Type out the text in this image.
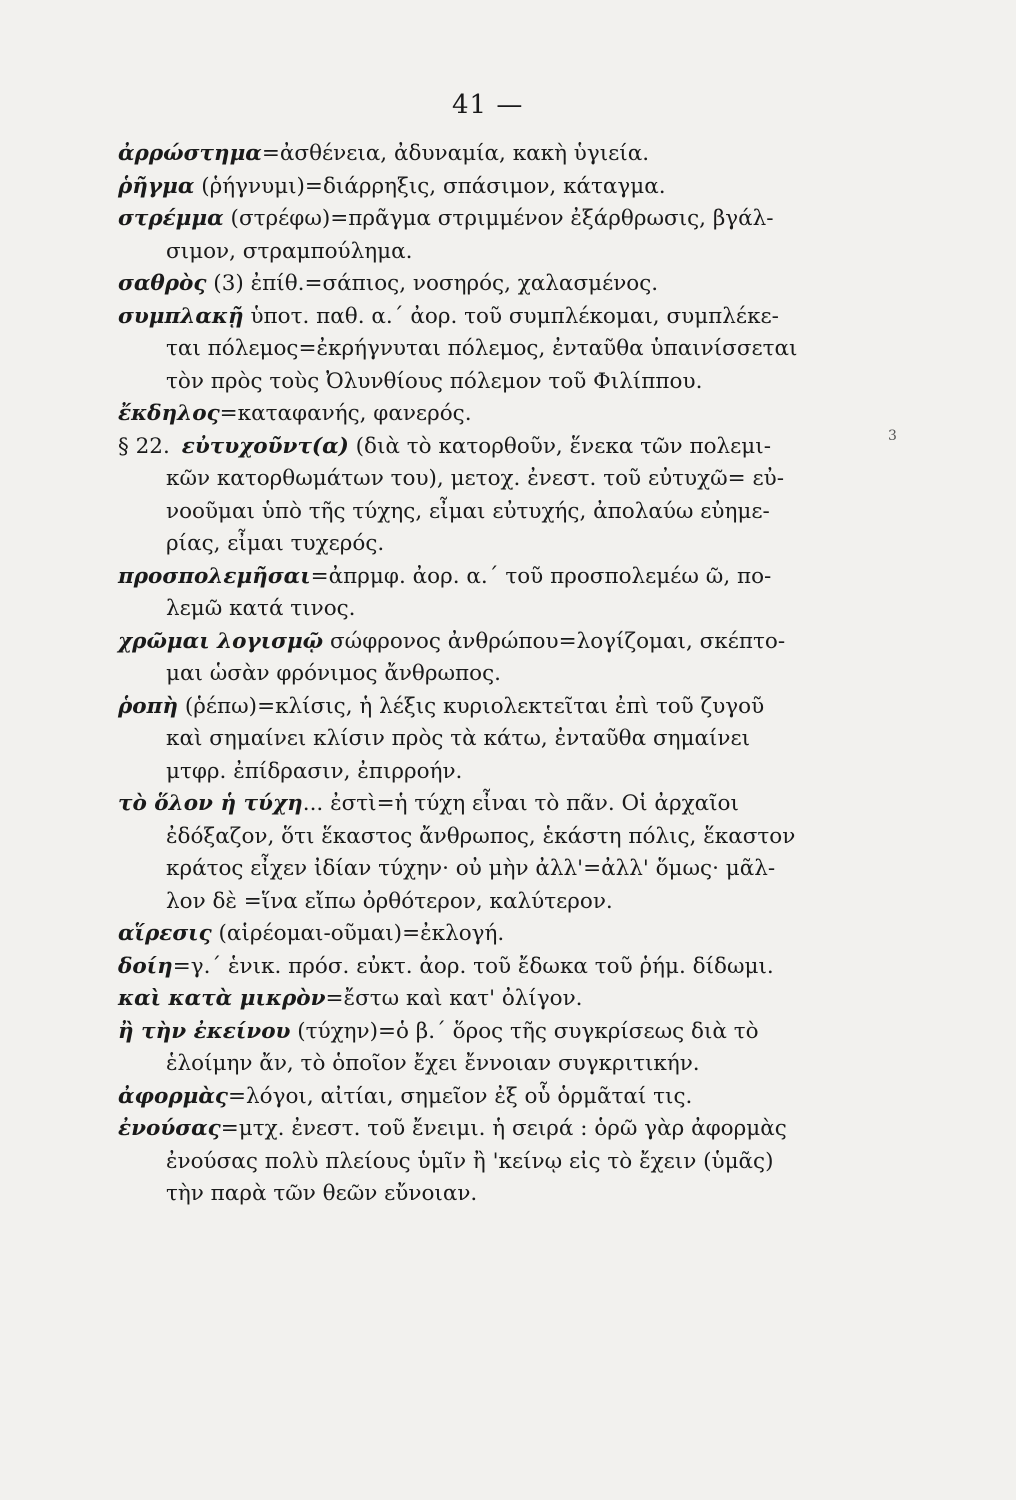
41 —
3
ἀρρώστημα=ἀσθένεια, ἀδυναμία, κακὴ ὑγιεία.
ῥῆγμα (ῥήγνυμι)=διάρρηξις, σπάσιμον, κάταγμα.
στρέμμα (στρέφω)=πρᾶγμα στριμμένον ἐξάρθρωσις, βγάλ-
σιμον, στραμπούλημα.
σαθρὸς (3) ἐπίθ.=σάπιος, νοσηρός, χαλασμένος.
συμπλακῇ ὑποτ. παθ. α.΄ ἀορ. τοῦ συμπλέκομαι, συμπλέκε-
ται πόλεμος=ἐκρήγνυται πόλεμος, ἐνταῦθα ὑπαινίσσεται
τὸν πρὸς τοὺς Ὀλυνθίους πόλεμον τοῦ Φιλίππου.
ἔκδηλος=καταφανής, φανερός.
§ 22. εὐτυχοῦντ(α) (διὰ τὸ κατορθοῦν, ἕνεκα τῶν πολεμι-
κῶν κατορθωμάτων του), μετοχ. ἐνεστ. τοῦ εὐτυχῶ= εὐ-
νοοῦμαι ὑπὸ τῆς τύχης, εἶμαι εὐτυχής, ἀπολαύω εὐημε-
ρίας, εἶμαι τυχερός.
προσπολεμῆσαι=ἀπρμφ. ἀορ. α.΄ τοῦ προσπολεμέω ῶ, πο-
λεμῶ κατά τινος.
χρῶμαι λογισμῷ σώφρονος ἀνθρώπου=λογίζομαι, σκέπτο-
μαι ὡσὰν φρόνιμος ἄνθρωπος.
ῥοπὴ (ῥέπω)=κλίσις, ἡ λέξις κυριολεκτεῖται ἐπὶ τοῦ ζυγοῦ
καὶ σημαίνει κλίσιν πρὸς τὰ κάτω, ἐνταῦθα σημαίνει
μτφρ. ἐπίδρασιν, ἐπιρροήν.
τὸ ὅλον ἡ τύχη... ἐστὶ=ἡ τύχη εἶναι τὸ πᾶν. Οἱ ἀρχαῖοι
ἐδόξαζον, ὅτι ἕκαστος ἄνθρωπος, ἑκάστη πόλις, ἕκαστον
κράτος εἶχεν ἰδίαν τύχην· οὐ μὴν ἀλλ'=ἀλλ' ὅμως· μᾶλ-
λον δὲ =ἵνα εἴπω ὀρθότερον, καλύτερον.
αἵρεσις (αἱρέομαι-οῦμαι)=ἐκλογή.
δοίη=γ.΄ ἑνικ. πρόσ. εὐκτ. ἀορ. τοῦ ἔδωκα τοῦ ῥήμ. δίδωμι.
καὶ κατὰ μικρὸν=ἔστω καὶ κατ' ὀλίγον.
ἢ τὴν ἐκείνου (τύχην)=ὁ β.΄ ὅρος τῆς συγκρίσεως διὰ τὸ
ἑλοίμην ἄν, τὸ ὁποῖον ἔχει ἔννοιαν συγκριτικήν.
ἀφορμὰς=λόγοι, αἰτίαι, σημεῖον ἐξ οὗ ὁρμᾶταί τις.
ἐνούσας=μτχ. ἐνεστ. τοῦ ἔνειμι. ἡ σειρά : ὁρῶ γὰρ ἀφορμὰς
ἐνούσας πολὺ πλείους ὑμῖν ἢ 'κείνῳ εἰς τὸ ἔχειν (ὑμᾶς)
τὴν παρὰ τῶν θεῶν εὔνοιαν.
